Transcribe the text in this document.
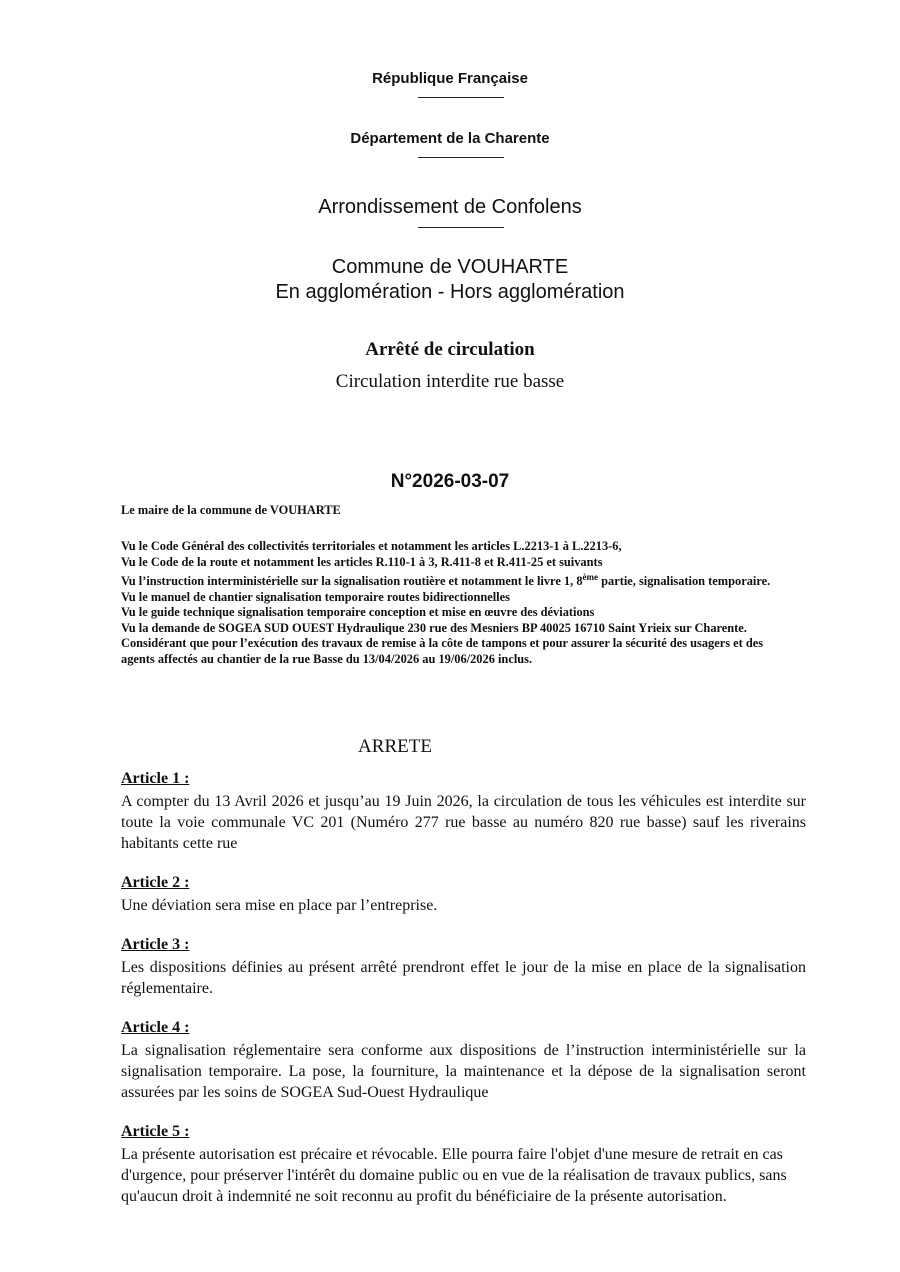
République Française
Département de la Charente
Arrondissement de Confolens
Commune de VOUHARTE
En agglomération - Hors agglomération
Arrêté de circulation
Circulation interdite rue basse
N°2026-03-07

Le maire de la commune de VOUHARTE

Vu le Code Général des collectivités territoriales et notamment les articles L.2213-1 à L.2213-6,

Vu le Code de la route et notamment les articles R.110-1 à 3, R.411-8 et R.411-25 et suivants

Vu l’instruction interministérielle sur la signalisation routière et notamment le livre 1, 8ème partie, signalisation temporaire.

Vu le manuel de chantier signalisation temporaire routes bidirectionnelles

Vu le guide technique signalisation temporaire conception et mise en œuvre des déviations

Vu la demande de SOGEA SUD OUEST Hydraulique 230 rue des Mesniers BP 40025 16710 Saint Yrieix sur Charente.

Considérant que pour l’exécution des travaux de remise à la côte de tampons et pour assurer la sécurité des usagers et des agents affectés au chantier de la rue Basse du 13/04/2026 au 19/06/2026 inclus.

ARRETE
Article 1 :

A compter du 13 Avril 2026 et jusqu’au 19 Juin 2026, la circulation de tous les véhicules est interdite sur toute la voie communale VC 201 (Numéro 277 rue basse au numéro 820 rue basse) sauf les riverains habitants cette rue

Article 2 :

Une déviation sera mise en place par l’entreprise.

Article 3 :

Les dispositions définies au présent arrêté prendront effet le jour de la mise en place de la signalisation réglementaire.

Article 4 :

La signalisation réglementaire sera conforme aux dispositions de l’instruction interministérielle sur la signalisation temporaire. La pose, la fourniture, la maintenance et la dépose de la signalisation seront assurées par les soins de SOGEA Sud-Ouest Hydraulique

Article 5 :

La présente autorisation est précaire et révocable. Elle pourra faire l'objet d'une mesure de retrait en cas d'urgence, pour préserver l'intérêt du domaine public ou en vue de la réalisation de travaux publics, sans qu'aucun droit à indemnité ne soit reconnu au profit du bénéficiaire de la présente autorisation.
